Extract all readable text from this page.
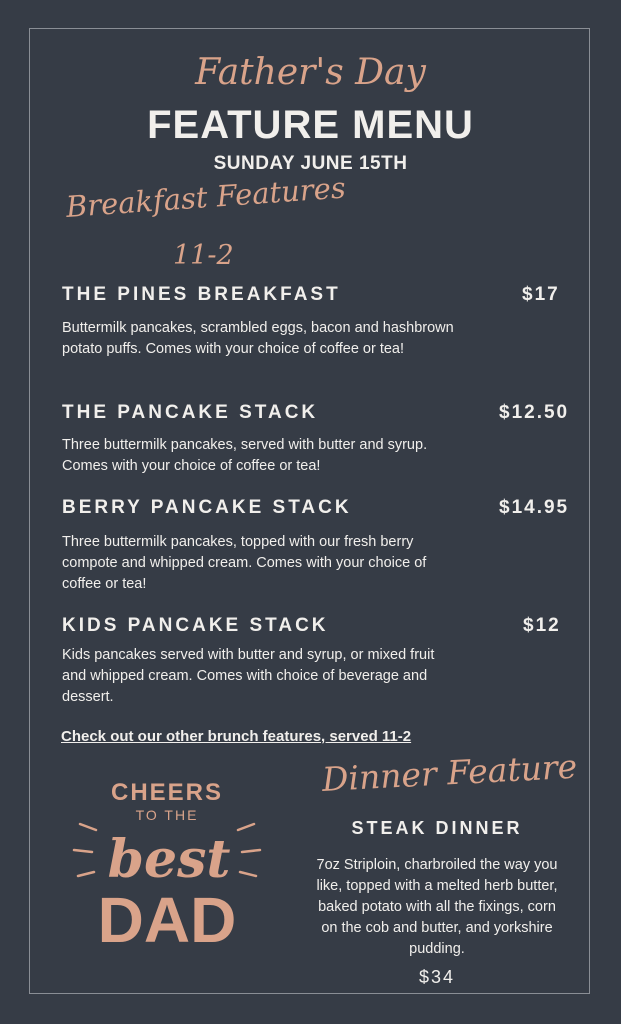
Father's Day
FEATURE MENU
SUNDAY JUNE 15TH
Breakfast Features
11-2
THE PINES BREAKFAST	$17
Buttermilk pancakes, scrambled eggs, bacon and hashbrown potato puffs. Comes with your choice of coffee or tea!
THE PANCAKE STACK	$12.50
Three buttermilk pancakes, served with butter and syrup. Comes with your choice of coffee or tea!
BERRY PANCAKE STACK	$14.95
Three buttermilk pancakes, topped with our fresh berry compote and whipped cream. Comes with your choice of coffee or tea!
KIDS PANCAKE STACK	$12
Kids pancakes served with butter and syrup, or mixed fruit and whipped cream. Comes with choice of beverage and dessert.
Check out our other brunch features, served 11-2
CHEERS
TO THE
best
DAD
Dinner Feature
STEAK DINNER
7oz Striploin, charbroiled the way you like, topped with a melted herb butter, baked potato with all the fixings, corn on the cob and butter, and yorkshire pudding.
$34
